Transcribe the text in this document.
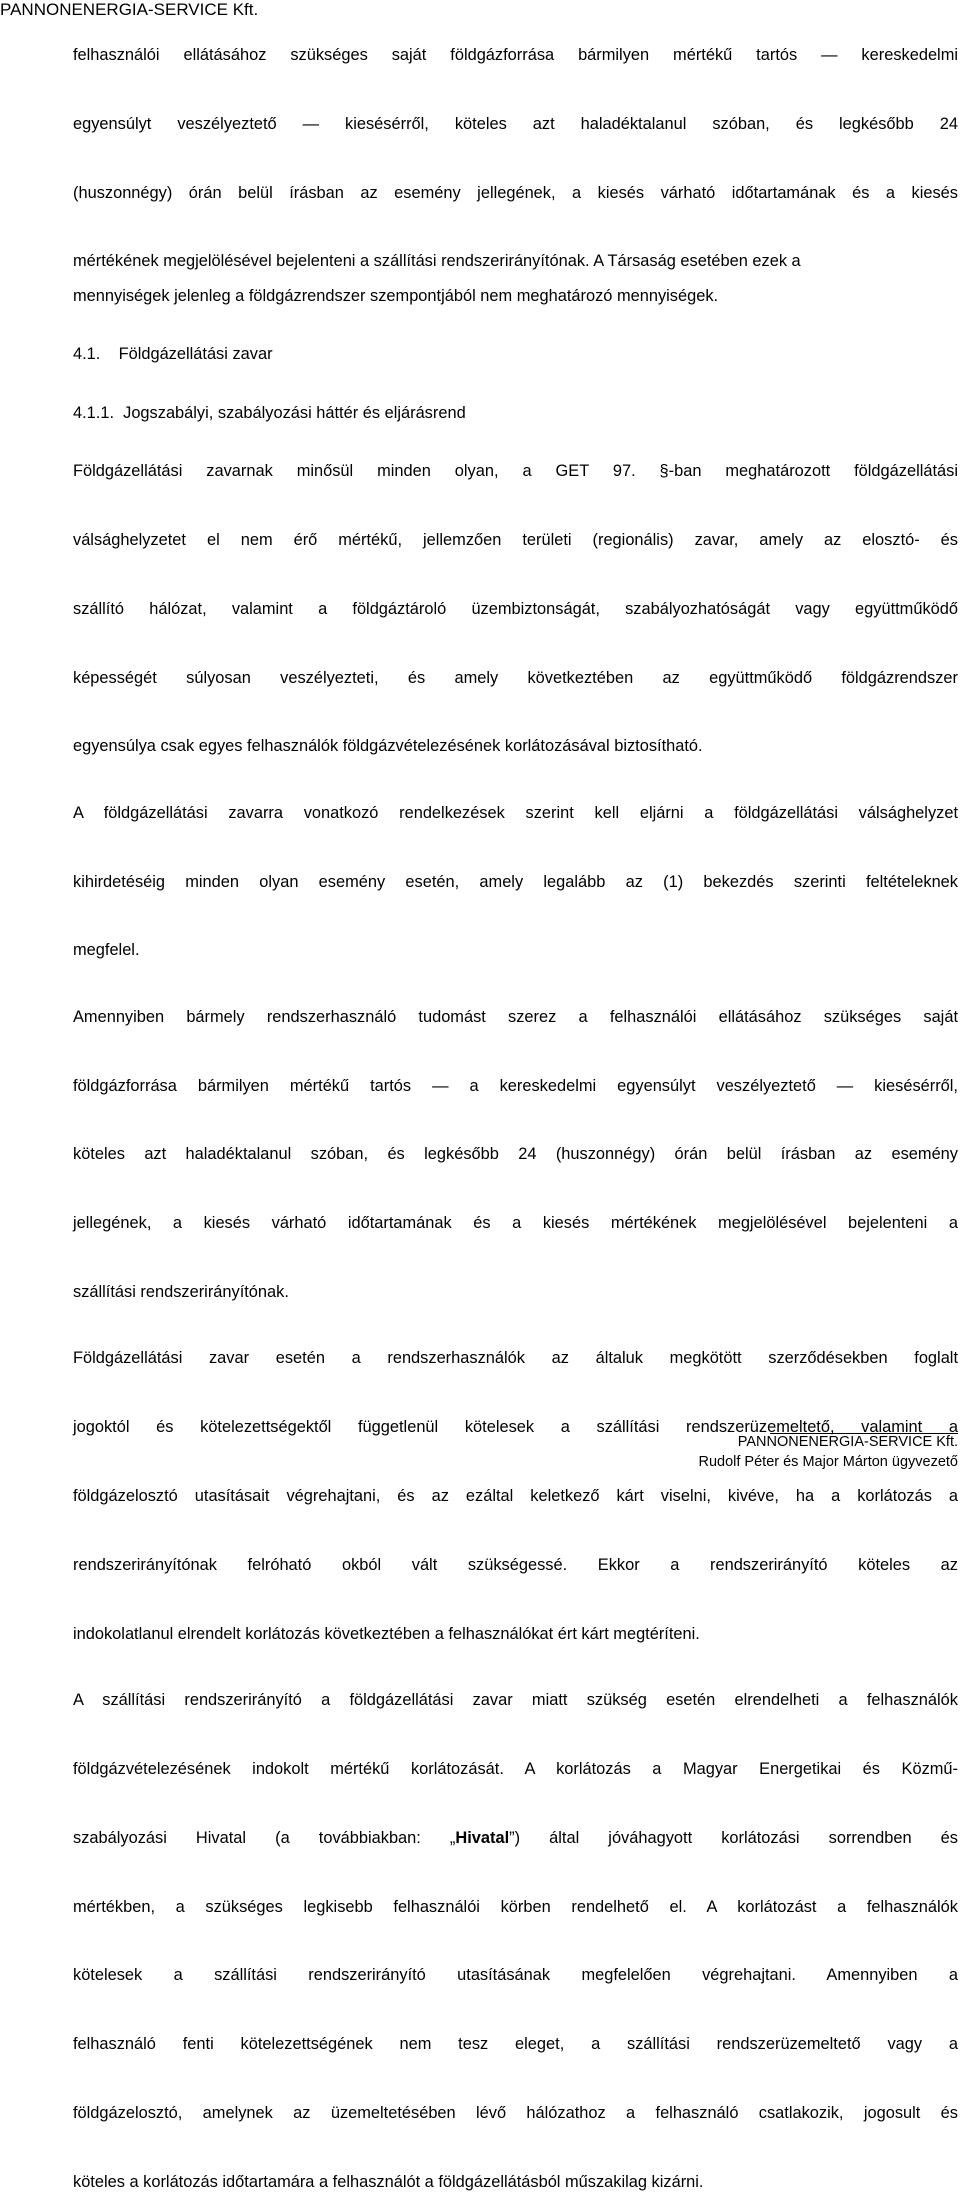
PANNONENERGIA-SERVICE Kft.

felhasználói ellátásához szükséges saját földgázforrása bármilyen mértékű tartós — kereskedelmi

egyensúlyt veszélyeztető — kiesésérről, köteles azt haladéktalanul szóban, és legkésőbb 24

(huszonnégy) órán belül írásban az esemény jellegének, a kiesés várható időtartamának és a kiesés

mértékének megjelölésével bejelenteni a szállítási rendszerirányítónak. A Társaság esetében ezek a

mennyiségek jelenleg a földgázrendszer szempontjából nem meghatározó mennyiségek.

4.1. Földgázellátási zavar

4.1.1. Jogszabályi, szabályozási háttér és eljárásrend

Földgázellátási zavarnak minősül minden olyan, a GET 97. §-ban meghatározott földgázellátási

válsághelyzetet el nem érő mértékű, jellemzően területi (regionális) zavar, amely az elosztó- és

szállító hálózat, valamint a földgáztároló üzembiztonságát, szabályozhatóságát vagy együttműködő

képességét súlyosan veszélyezteti, és amely következtében az együttműködő földgázrendszer

egyensúlya csak egyes felhasználók földgázvételezésének korlátozásával biztosítható.

A földgázellátási zavarra vonatkozó rendelkezések szerint kell eljárni a földgázellátási válsághelyzet

kihirdetéséig minden olyan esemény esetén, amely legalább az (1) bekezdés szerinti feltételeknek

megfelel.

Amennyiben bármely rendszerhasználó tudomást szerez a felhasználói ellátásához szükséges saját

földgázforrása bármilyen mértékű tartós — a kereskedelmi egyensúlyt veszélyeztető — kiesésérről,

köteles azt haladéktalanul szóban, és legkésőbb 24 (huszonnégy) órán belül írásban az esemény

jellegének, a kiesés várható időtartamának és a kiesés mértékének megjelölésével bejelenteni a

szállítási rendszerirányítónak.

Földgázellátási zavar esetén a rendszerhasználók az általuk megkötött szerződésekben foglalt

jogoktól és kötelezettségektől függetlenül kötelesek a szállítási rendszerüzemeltető, valamint a

földgázelosztó utasításait végrehajtani, és az ezáltal keletkező kárt viselni, kivéve, ha a korlátozás a

rendszerirányítónak felróható okból vált szükségessé. Ekkor a rendszerirányító köteles az

indokolatlanul elrendelt korlátozás következtében a felhasználókat ért kárt megtéríteni.

A szállítási rendszerirányító a földgázellátási zavar miatt szükség esetén elrendelheti a felhasználók

földgázvételezésének indokolt mértékű korlátozását. A korlátozás a Magyar Energetikai és Közmű-

szabályozási Hivatal (a továbbiakban: „Hivatal”) által jóváhagyott korlátozási sorrendben és

mértékben, a szükséges legkisebb felhasználói körben rendelhető el. A korlátozást a felhasználók

kötelesek a szállítási rendszerirányító utasításának megfelelően végrehajtani. Amennyiben a

felhasználó fenti kötelezettségének nem tesz eleget, a szállítási rendszerüzemeltető vagy a

földgázelosztó, amelynek az üzemeltetésében lévő hálózathoz a felhasználó csatlakozik, jogosult és

köteles a korlátozás időtartamára a felhasználót a földgázellátásból műszakilag kizárni.

PANNONENERGIA-SERVICE Kft.
Rudolf Péter és Major Márton ügyvezető
